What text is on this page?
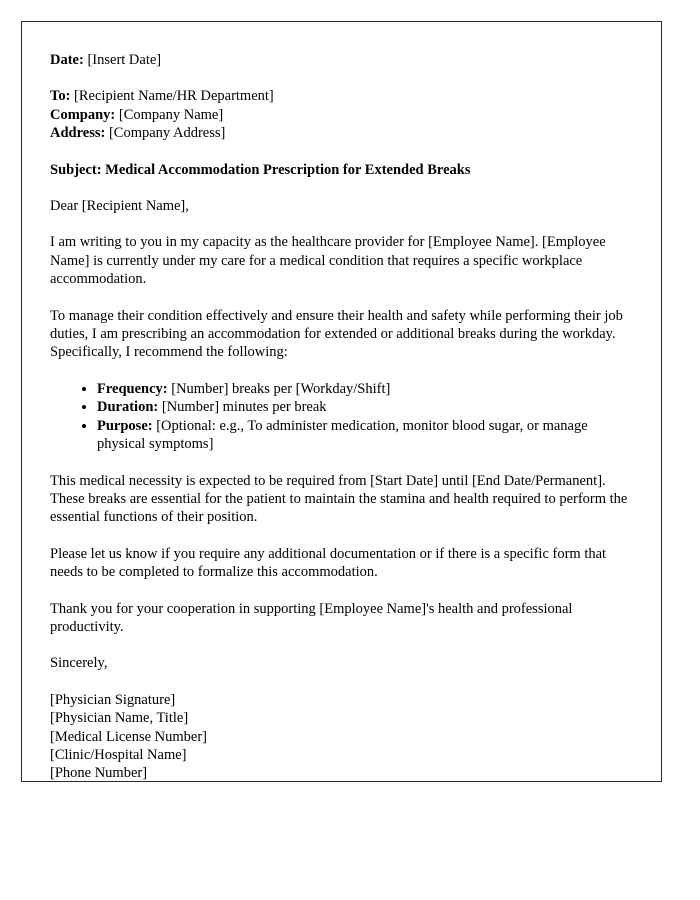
Date: [Insert Date]

To: [Recipient Name/HR Department]

Company: [Company Name]

Address: [Company Address]

Subject: Medical Accommodation Prescription for Extended Breaks

Dear [Recipient Name],

I am writing to you in my capacity as the healthcare provider for [Employee Name]. [Employee Name] is currently under my care for a medical condition that requires a specific workplace accommodation.

To manage their condition effectively and ensure their health and safety while performing their job duties, I am prescribing an accommodation for extended or additional breaks during the workday. Specifically, I recommend the following:

• Frequency: [Number] breaks per [Workday/Shift]
• Duration: [Number] minutes per break
• Purpose: [Optional: e.g., To administer medication, monitor blood sugar, or manage physical symptoms]

This medical necessity is expected to be required from [Start Date] until [End Date/Permanent]. These breaks are essential for the patient to maintain the stamina and health required to perform the essential functions of their position.

Please let us know if you require any additional documentation or if there is a specific form that needs to be completed to formalize this accommodation.

Thank you for your cooperation in supporting [Employee Name]'s health and professional productivity.

Sincerely,

[Physician Signature]

[Physician Name, Title]

[Medical License Number]

[Clinic/Hospital Name]

[Phone Number]
